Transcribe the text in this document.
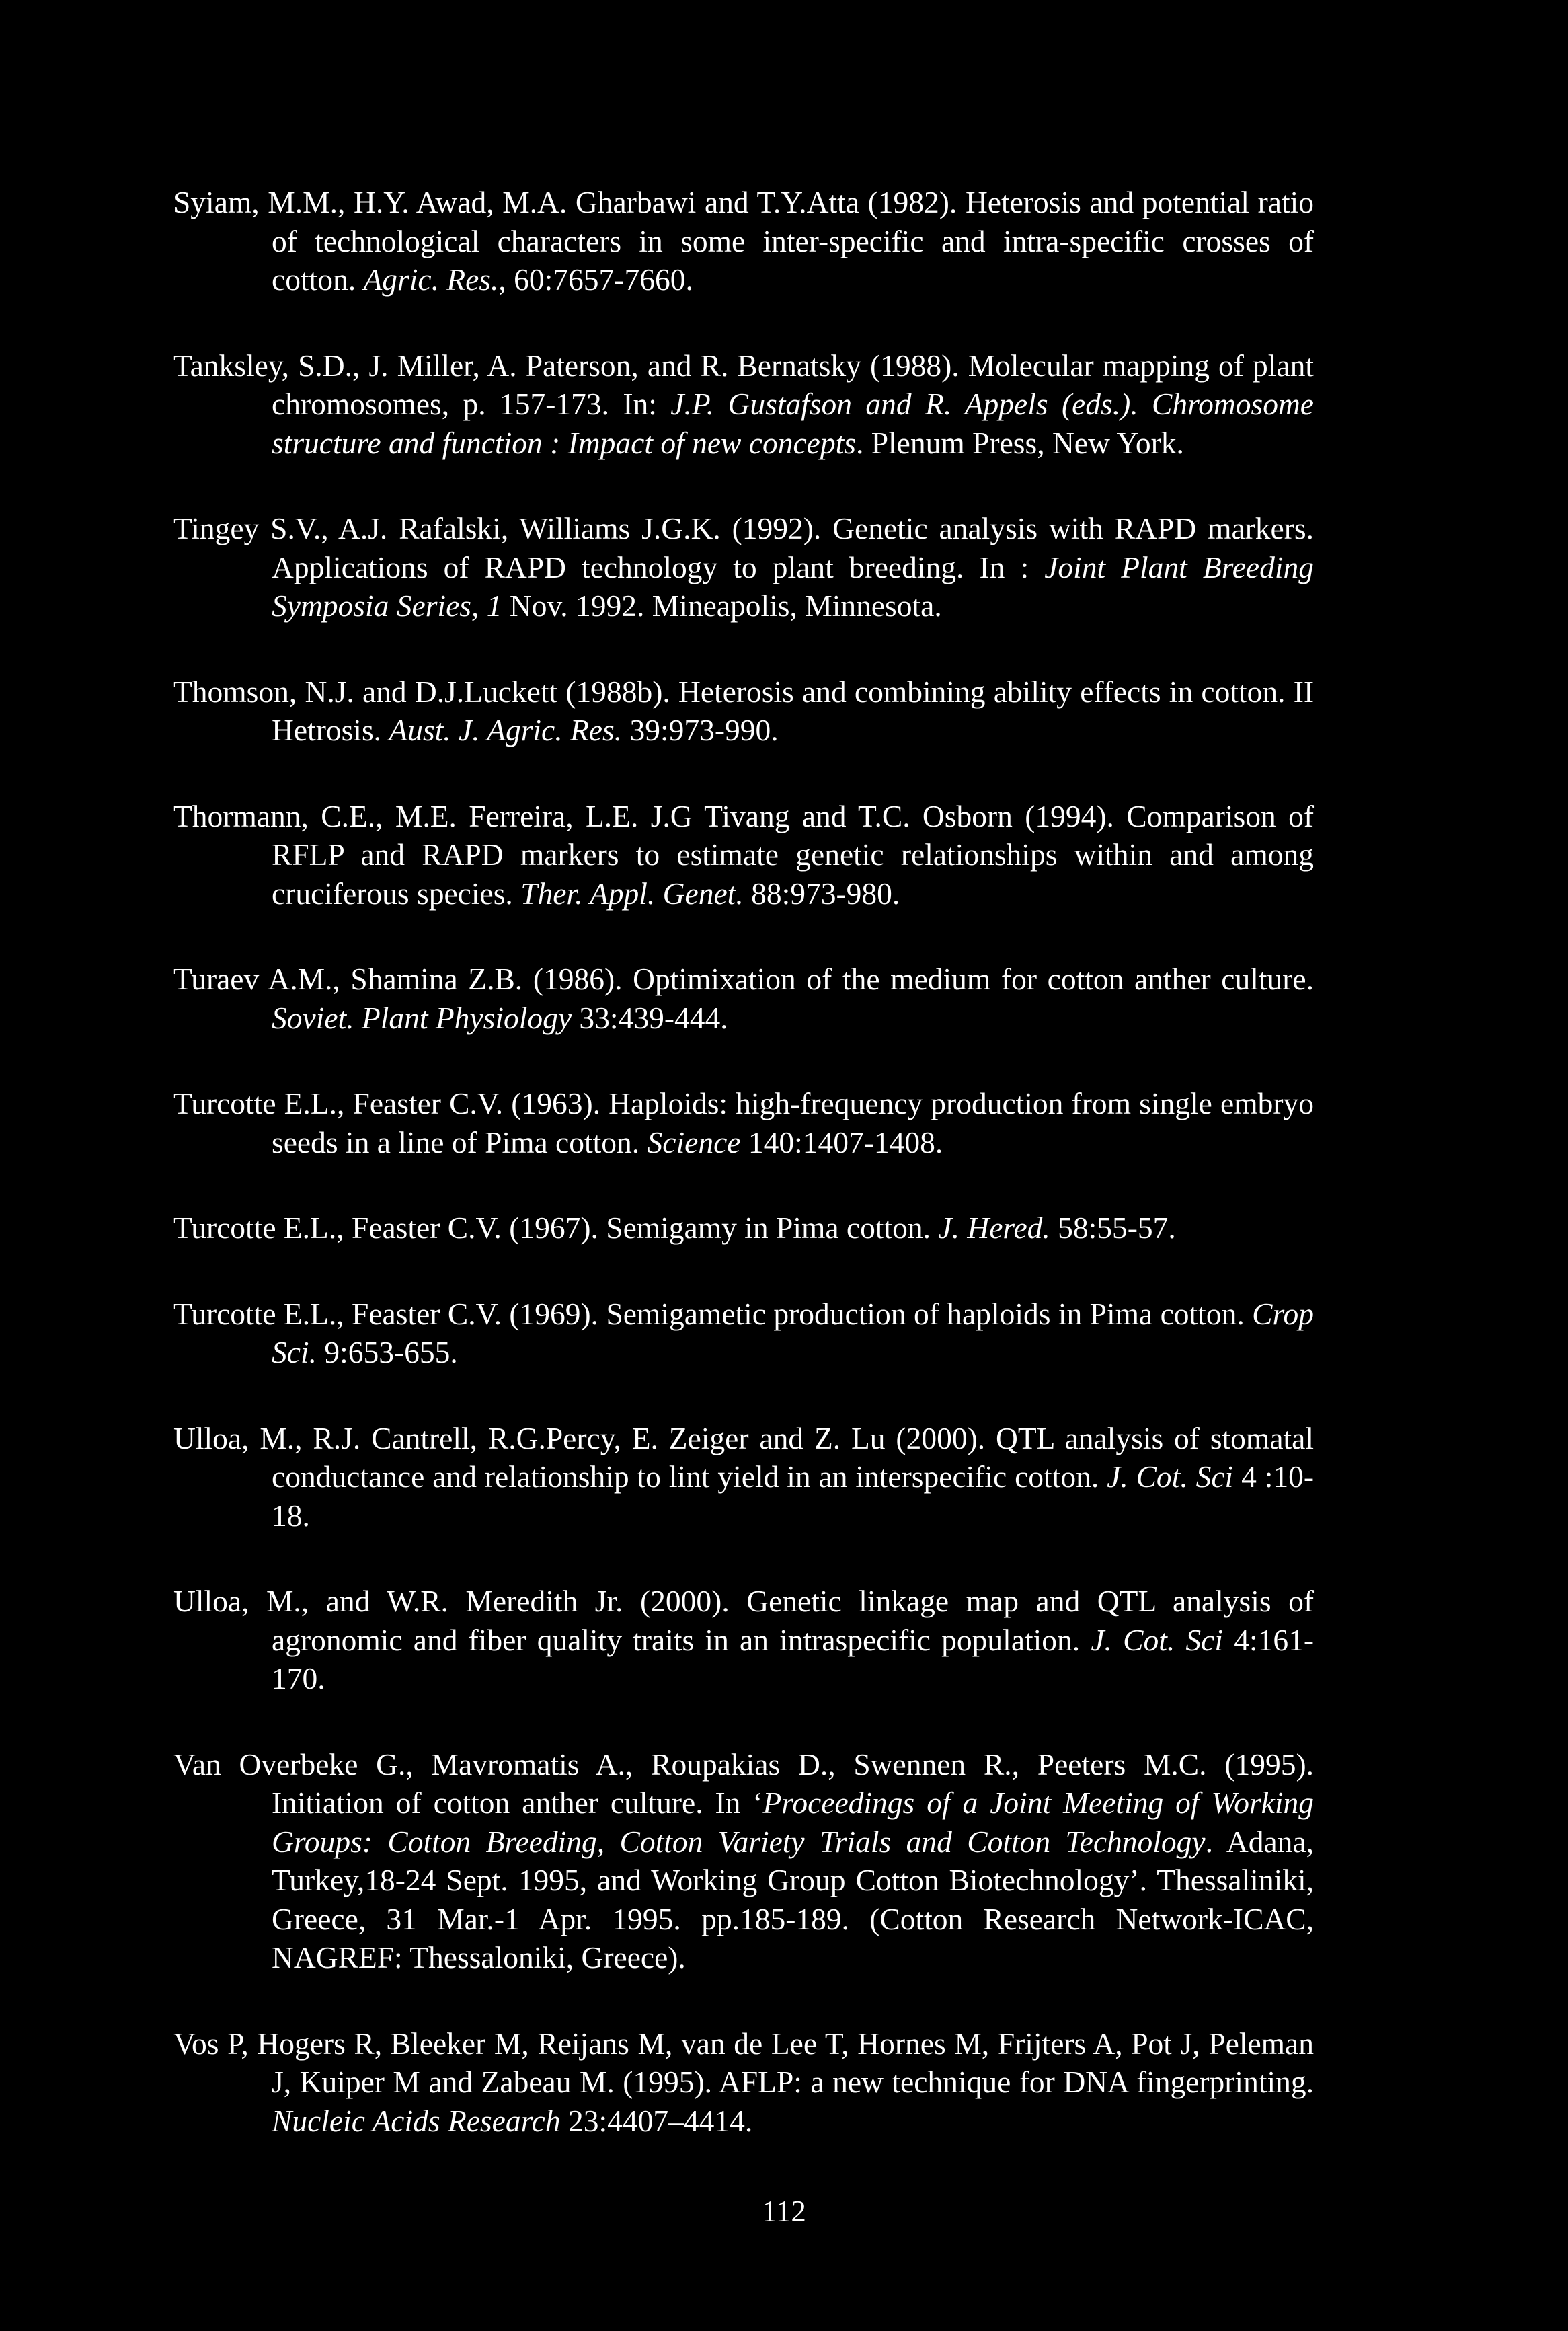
Syiam, M.M., H.Y. Awad, M.A. Gharbawi and T.Y.Atta (1982). Heterosis and potential ratio of technological characters in some inter-specific and intra-specific crosses of cotton. Agric. Res., 60:7657-7660.
Tanksley, S.D., J. Miller, A. Paterson, and R. Bernatsky (1988). Molecular mapping of plant chromosomes, p. 157-173. In: J.P. Gustafson and R. Appels (eds.). Chromosome structure and function : Impact of new concepts. Plenum Press, New York.
Tingey S.V., A.J. Rafalski, Williams J.G.K. (1992). Genetic analysis with RAPD markers. Applications of RAPD technology to plant breeding. In : Joint Plant Breeding Symposia Series, 1 Nov. 1992. Mineapolis, Minnesota.
Thomson, N.J. and D.J.Luckett (1988b). Heterosis and combining ability effects in cotton. II Hetrosis. Aust. J. Agric. Res. 39:973-990.
Thormann, C.E., M.E. Ferreira, L.E. J.G Tivang and T.C. Osborn (1994). Comparison of RFLP and RAPD markers to estimate genetic relationships within and among cruciferous species. Ther. Appl. Genet. 88:973-980.
Turaev A.M., Shamina Z.B. (1986). Optimixation of the medium for cotton anther culture. Soviet. Plant Physiology 33:439-444.
Turcotte E.L., Feaster C.V. (1963). Haploids: high-frequency production from single embryo seeds in a line of Pima cotton. Science 140:1407-1408.
Turcotte E.L., Feaster C.V. (1967). Semigamy in Pima cotton. J. Hered. 58:55-57.
Turcotte E.L., Feaster C.V. (1969). Semigametic production of haploids in Pima cotton. Crop Sci. 9:653-655.
Ulloa, M., R.J. Cantrell, R.G.Percy, E. Zeiger and Z. Lu (2000). QTL analysis of stomatal conductance and relationship to lint yield in an interspecific cotton. J. Cot. Sci 4 :10-18.
Ulloa, M., and W.R. Meredith Jr. (2000). Genetic linkage map and QTL analysis of agronomic and fiber quality traits in an intraspecific population. J. Cot. Sci 4:161-170.
Van Overbeke G., Mavromatis A., Roupakias D., Swennen R., Peeters M.C. (1995). Initiation of cotton anther culture. In ‘Proceedings of a Joint Meeting of Working Groups: Cotton Breeding, Cotton Variety Trials and Cotton Technology. Adana, Turkey,18-24 Sept. 1995, and Working Group Cotton Biotechnology’. Thessaliniki, Greece, 31 Mar.-1 Apr. 1995. pp.185-189. (Cotton Research Network-ICAC, NAGREF: Thessaloniki, Greece).
Vos P, Hogers R, Bleeker M, Reijans M, van de Lee T, Hornes M, Frijters A, Pot J, Peleman J, Kuiper M and Zabeau M. (1995). AFLP: a new technique for DNA fingerprinting. Nucleic Acids Research 23:4407–4414.
112
